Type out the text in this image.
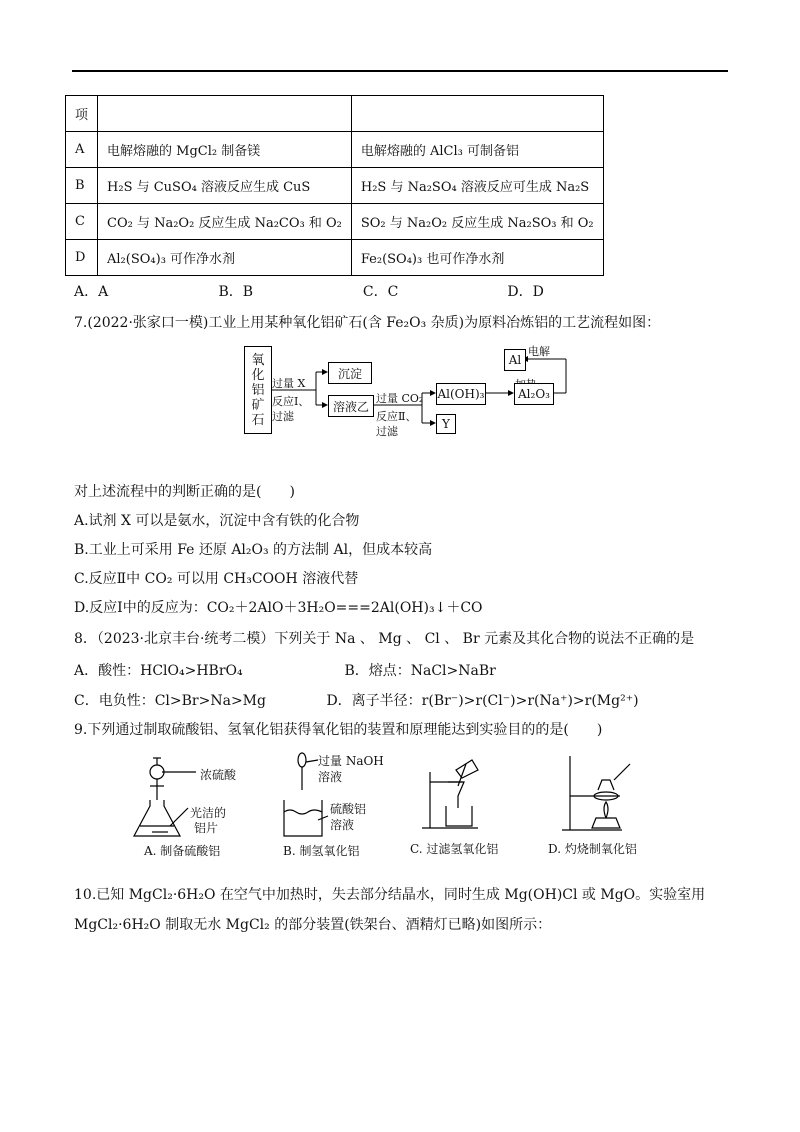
项		
A	电解熔融的 MgCl₂ 制备镁	电解熔融的 AlCl₃ 可制备铝
B	H₂S 与 CuSO₄ 溶液反应生成 CuS	H₂S 与 Na₂SO₄ 溶液反应可生成 Na₂S
C	CO₂ 与 Na₂O₂ 反应生成 Na₂CO₃ 和 O₂	SO₂ 与 Na₂O₂ 反应生成 Na₂SO₃ 和 O₂
D	Al₂(SO₄)₃ 可作净水剂	Fe₂(SO₄)₃ 也可作净水剂
A．A	B．B	C．C	D．D
7.(2022·张家口一模)工业上用某种氧化铝矿石(含 Fe₂O₃ 杂质)为原料冶炼铝的工艺流程如图：
氧
化
铝
矿
石
过量 X
反应Ⅰ、
过滤
沉淀
溶液乙
过量 CO₂
反应Ⅱ、
过滤
Al(OH)₃
Y
Al₂O₃
电解
Al
对上述流程中的判断正确的是(　　)
A.试剂 X 可以是氨水，沉淀中含有铁的化合物
B.工业上可采用 Fe 还原 Al₂O₃ 的方法制 Al，但成本较高
C.反应Ⅱ中 CO₂ 可以用 CH₃COOH 溶液代替
D.反应Ⅰ中的反应为：CO₂＋2AlO＋3H₂O===2Al(OH)₃↓＋CO
8．（2023·北京丰台·统考二模）下列关于 Na 、 Mg 、 Cl 、 Br 元素及其化合物的说法不正确的是
A．酸性：HClO₄>HBrO₄	B．熔点：NaCl>NaBr
C．电负性：Cl>Br>Na>Mg	D．离子半径：r(Br⁻)>r(Cl⁻)>r(Na⁺)>r(Mg²⁺)
9.下列通过制取硫酸铝、氢氧化铝获得氧化铝的装置和原理能达到实验目的的是(　　)
浓硫酸
光洁的
铝片
过量 NaOH
溶液
硫酸铝
溶液
A. 制备硫酸铝	B. 制氢氧化铝	C. 过滤氢氧化铝	D. 灼烧制氧化铝
10.已知 MgCl₂·6H₂O 在空气中加热时，失去部分结晶水，同时生成 Mg(OH)Cl 或 MgO。实验室用
MgCl₂·6H₂O 制取无水 MgCl₂ 的部分装置(铁架台、酒精灯已略)如图所示：
